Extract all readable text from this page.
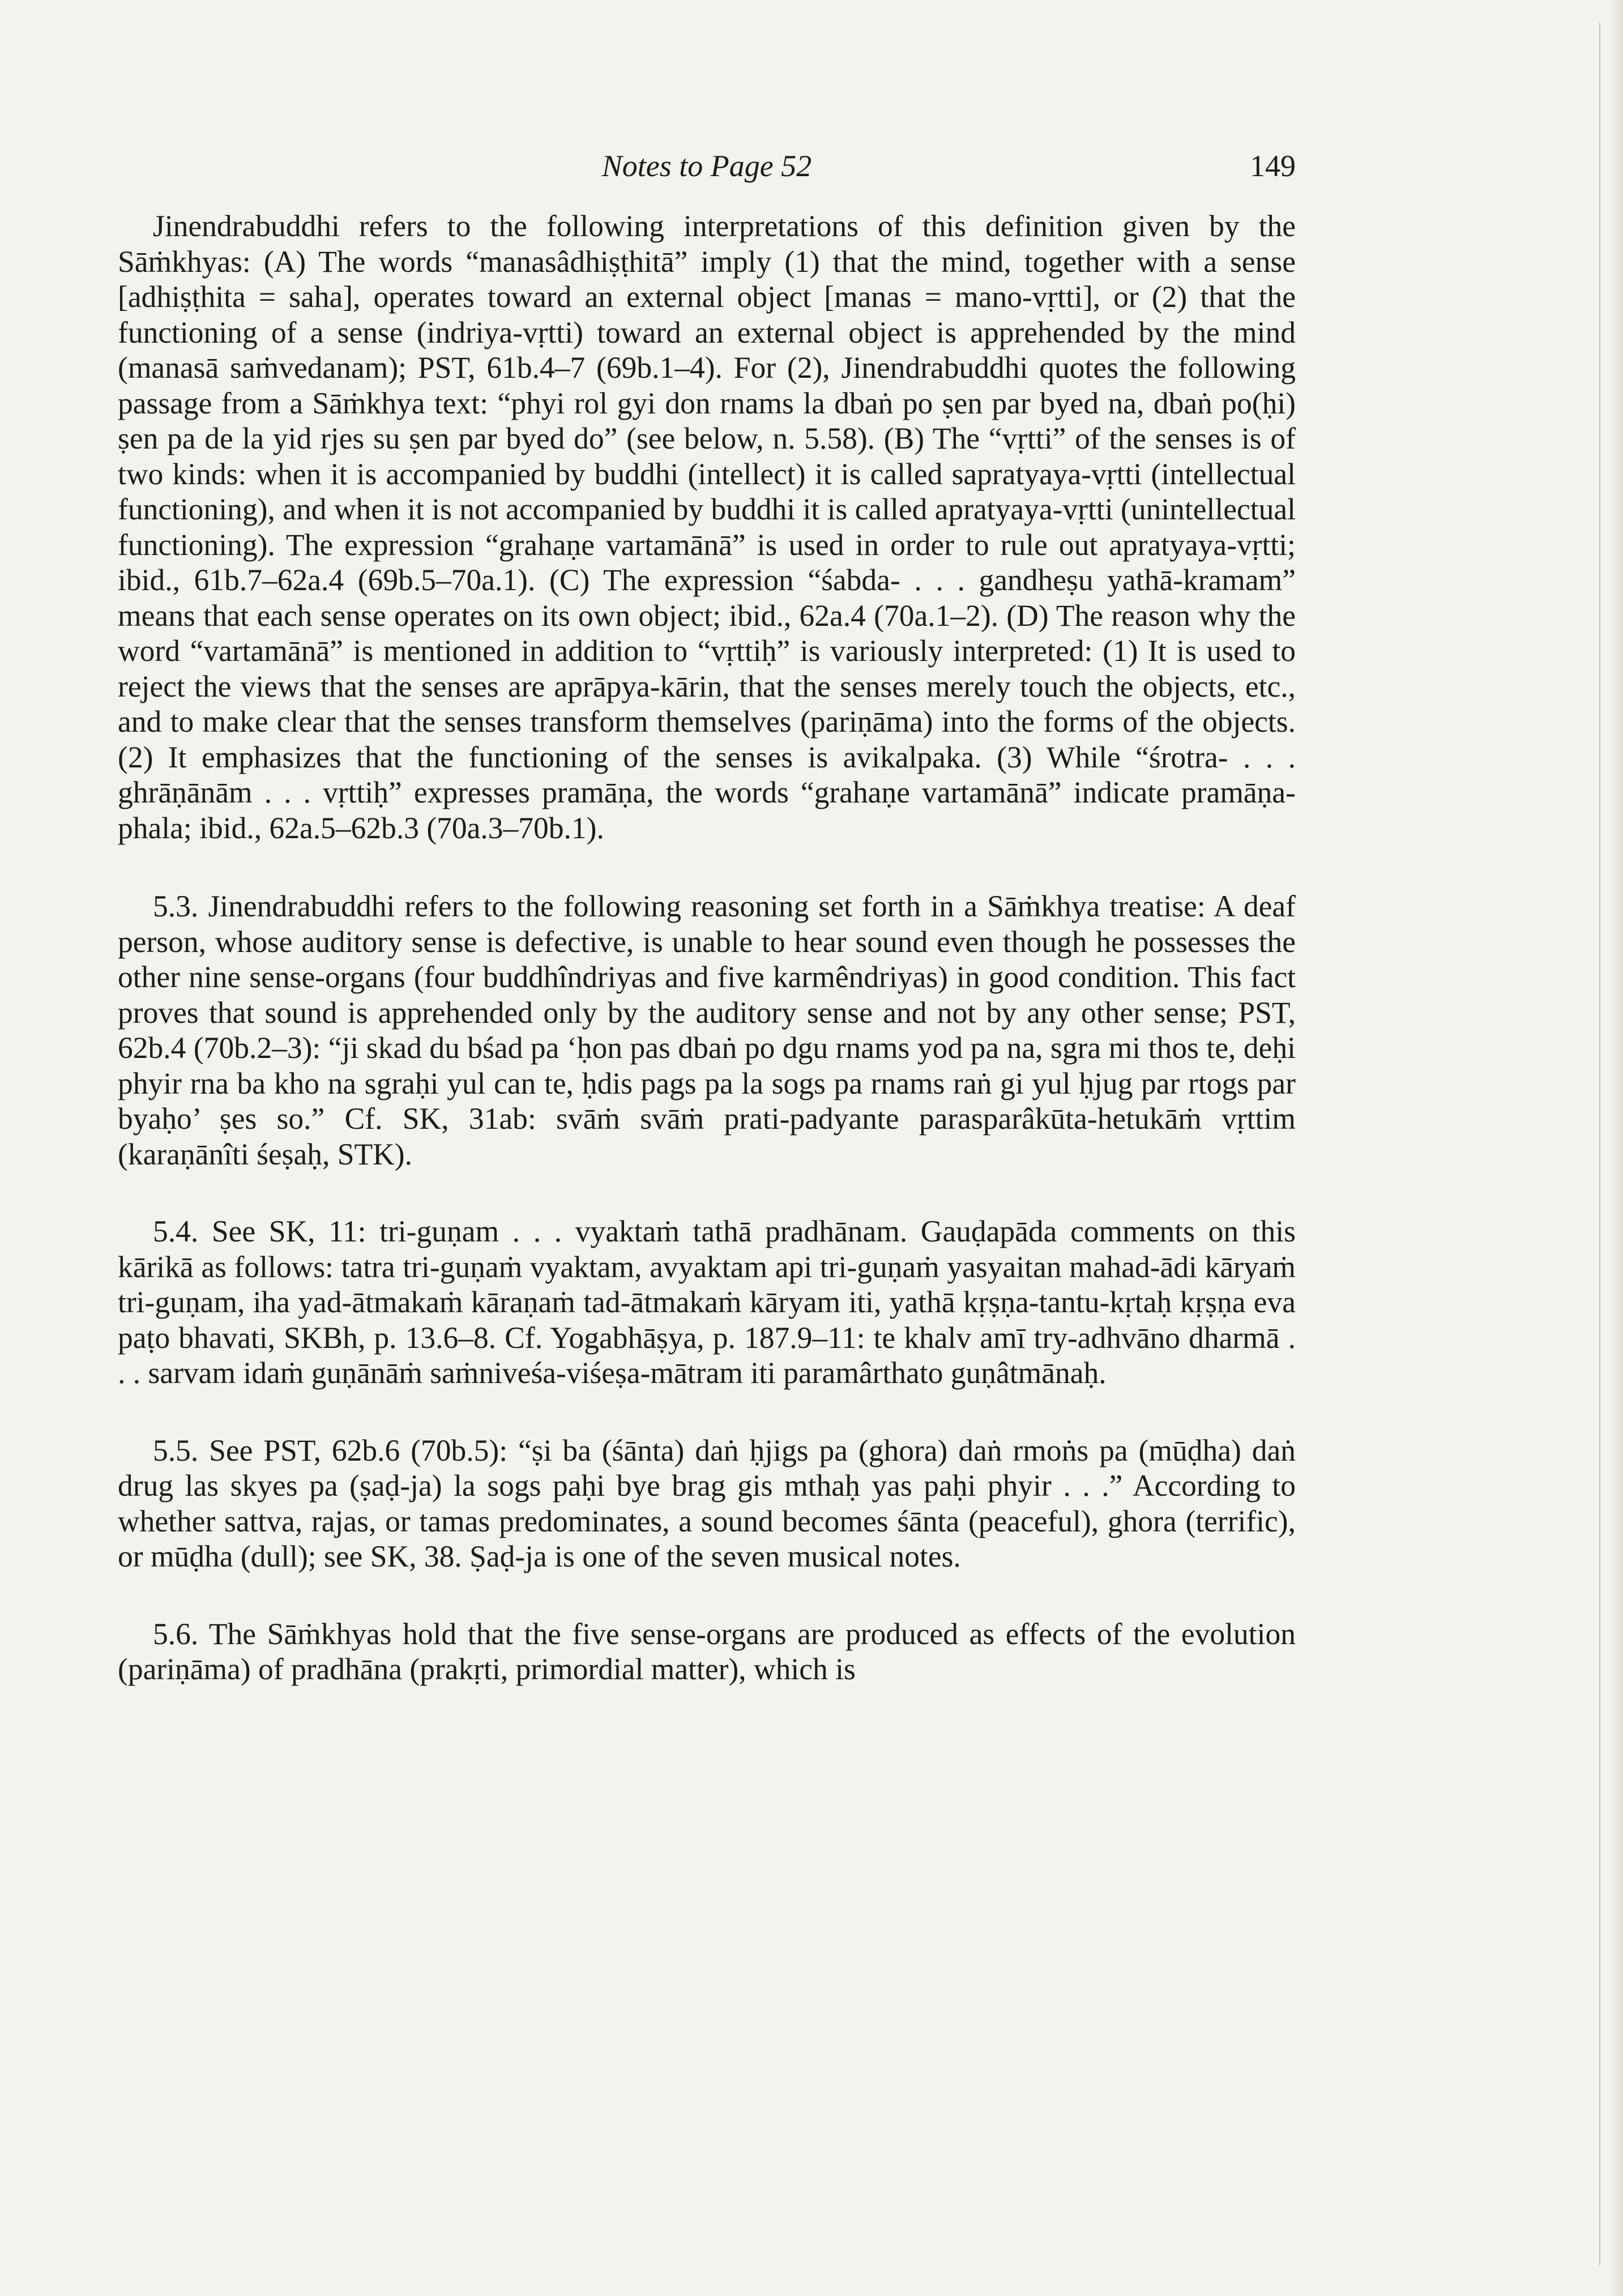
Notes to Page 52	149

Jinendrabuddhi refers to the following interpretations of this definition given by the Sāṁkhyas: (A) The words “manasâdhiṣṭhitā” imply (1) that the mind, together with a sense [adhiṣṭhita = saha], operates toward an external object [manas = mano-vṛtti], or (2) that the functioning of a sense (indriya-vṛtti) toward an external object is apprehended by the mind (manasā saṁvedanam); PST, 61b.4–7 (69b.1–4). For (2), Jinendrabuddhi quotes the following passage from a Sāṁkhya text: “phyi rol gyi don rnams la dbaṅ po ṣen par byed na, dbaṅ po(ḥi) ṣen pa de la yid rjes su ṣen par byed do” (see below, n. 5.58). (B) The “vṛtti” of the senses is of two kinds: when it is accompanied by buddhi (intellect) it is called sapratyaya-vṛtti (intellectual functioning), and when it is not accompanied by buddhi it is called apratyaya-vṛtti (unintellectual functioning). The expression “grahaṇe vartamānā” is used in order to rule out apratyaya-vṛtti; ibid., 61b.7–62a.4 (69b.5–70a.1). (C) The expression “śabda- . . . gandheṣu yathā-kramam” means that each sense operates on its own object; ibid., 62a.4 (70a.1–2). (D) The reason why the word “vartamānā” is mentioned in addition to “vṛttiḥ” is variously interpreted: (1) It is used to reject the views that the senses are aprāpya-kārin, that the senses merely touch the objects, etc., and to make clear that the senses transform themselves (pariṇāma) into the forms of the objects. (2) It emphasizes that the functioning of the senses is avikalpaka. (3) While “śrotra- . . . ghrāṇānām . . . vṛttiḥ” expresses pramāṇa, the words “grahaṇe vartamānā” indicate pramāṇa-phala; ibid., 62a.5–62b.3 (70a.3–70b.1).

5.3. Jinendrabuddhi refers to the following reasoning set forth in a Sāṁkhya treatise: A deaf person, whose auditory sense is defective, is unable to hear sound even though he possesses the other nine sense-organs (four buddhîndriyas and five karmêndriyas) in good condition. This fact proves that sound is apprehended only by the auditory sense and not by any other sense; PST, 62b.4 (70b.2–3): “ji skad du bśad pa ‘ḥon pas dbaṅ po dgu rnams yod pa na, sgra mi thos te, deḥi phyir rna ba kho na sgraḥi yul can te, ḥdis pags pa la sogs pa rnams raṅ gi yul ḥjug par rtogs par byaḥo’ ṣes so.” Cf. SK, 31ab: svāṁ svāṁ prati-padyante parasparâkūta-hetukāṁ vṛttim (karaṇānîti śeṣaḥ, STK).

5.4. See SK, 11: tri-guṇam . . . vyaktaṁ tathā pradhānam. Gauḍapāda comments on this kārikā as follows: tatra tri-guṇaṁ vyaktam, avyaktam api tri-guṇaṁ yasyaitan mahad-ādi kāryaṁ tri-guṇam, iha yad-ātmakaṁ kāraṇaṁ tad-ātmakaṁ kāryam iti, yathā kṛṣṇa-tantu-kṛtaḥ kṛṣṇa eva paṭo bhavati, SKBh, p. 13.6–8. Cf. Yogabhāṣya, p. 187.9–11: te khalv amī try-adhvāno dharmā . . . sarvam idaṁ guṇānāṁ saṁniveśa-viśeṣa-mātram iti paramârthato guṇâtmānaḥ.

5.5. See PST, 62b.6 (70b.5): “ṣi ba (śānta) daṅ ḥjigs pa (ghora) daṅ rmoṅs pa (mūḍha) daṅ drug las skyes pa (ṣaḍ-ja) la sogs paḥi bye brag gis mthaḥ yas paḥi phyir . . .” According to whether sattva, rajas, or tamas predominates, a sound becomes śānta (peaceful), ghora (terrific), or mūḍha (dull); see SK, 38. Ṣaḍ-ja is one of the seven musical notes.

5.6. The Sāṁkhyas hold that the five sense-organs are produced as effects of the evolution (pariṇāma) of pradhāna (prakṛti, primordial matter), which is
